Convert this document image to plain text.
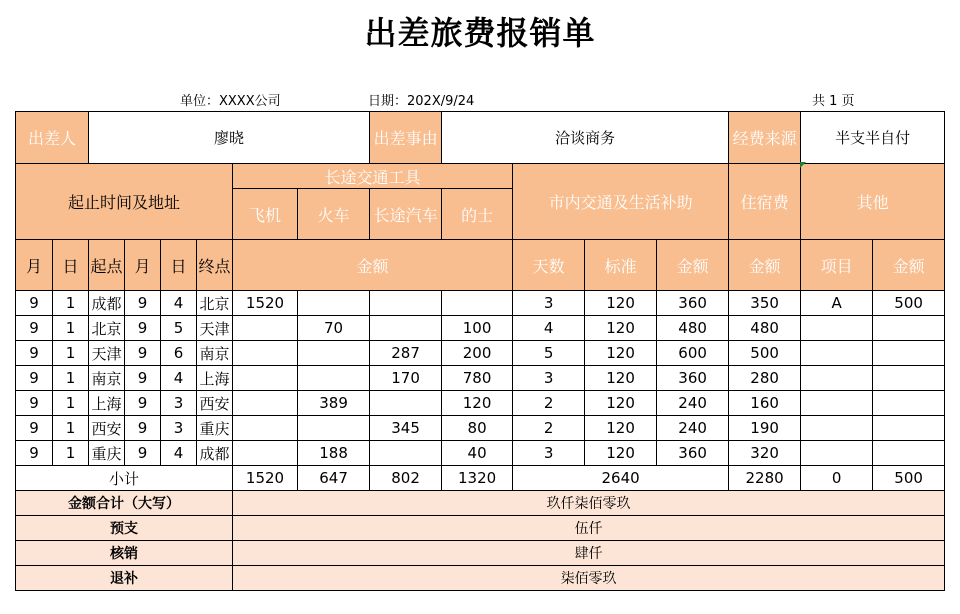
出差旅费报销单
单位：XXXX公司	日期：202X/9/24	共 1 页
出差人		廖晓						出差事由	洽谈商务				经费来源	半支半自付	
起止时间及地址						长途交通工具				市内交通及生活补助			住宿费	其他	
						飞机	火车	长途汽车	的士						
月	日	起点	月	日	终点	金额				天数	标准	金额	金额	项目	金额
9	1	成都	9	4	北京	1520				3	120	360	350	A	500
9	1	北京	9	5	天津		70		100	4	120	480	480		
9	1	天津	9	6	南京			287	200	5	120	600	500		
9	1	南京	9	4	上海			170	780	3	120	360	280		
9	1	上海	9	3	西安		389		120	2	120	240	160		
9	1	西安	9	3	重庆			345	80	2	120	240	190		
9	1	重庆	9	4	成都		188		40	3	120	360	320		
小计						1520	647	802	1320	2640			2280	0	500
金额合计（大写）						玖仟柒佰零玖									
预支						伍仟									
核销						肆仟									
退补						柒佰零玖									
